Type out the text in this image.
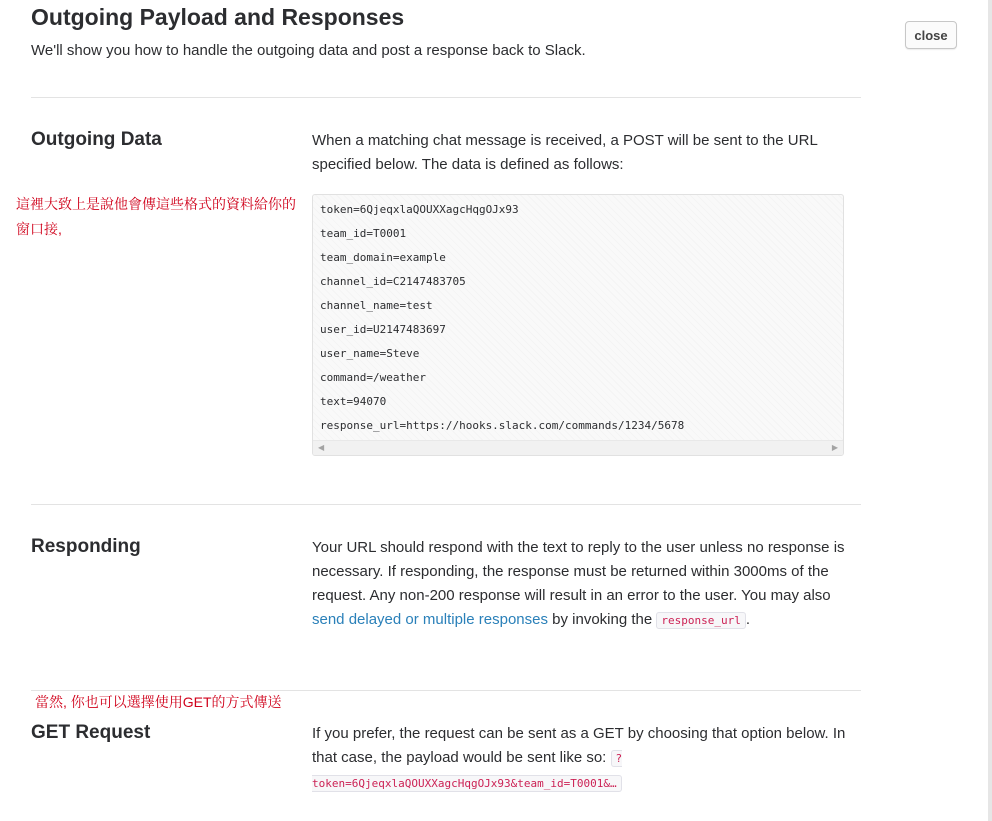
Outgoing Payload and Responses

We'll show you how to handle the outgoing data and post a response back to Slack.

close
Outgoing Data	When a matching chat message is received, a POST will be sent to the URL specified below. The data is defined as follows:

這裡大致上是說他會傳這些格式的資料給你的窗口接,

token=6QjeqxlaQOUXXagcHqgOJx93
team_id=T0001
team_domain=example
channel_id=C2147483705
channel_name=test
user_id=U2147483697
user_name=Steve
command=/weather
text=94070
response_url=https://hooks.slack.com/commands/1234/5678
◀	▶
Responding	Your URL should respond with the text to reply to the user unless no response is necessary. If responding, the response must be returned within 3000ms of the request. Any non-200 response will result in an error to the user. You may also send delayed or multiple responses by invoking the response_url .

當然, 你也可以選擇使用GET的方式傳送

GET Request	If you prefer, the request can be sent as a GET by choosing that option below. In that case, the payload would be sent like so: ?token=6QjeqxlaQOUXXagcHqgOJx93&team_id=T0001&…
